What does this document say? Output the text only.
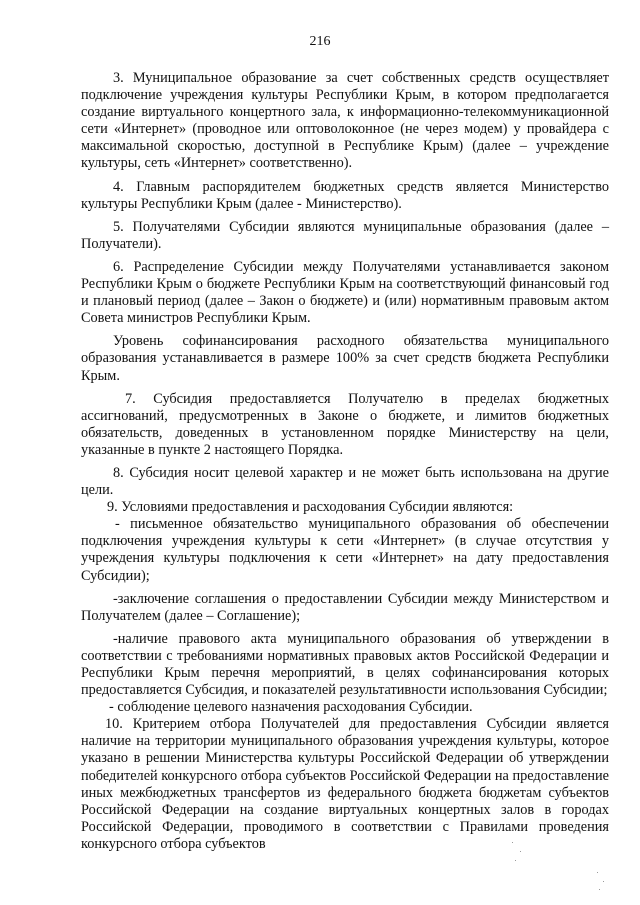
216

3. Муниципальное образование за счет собственных средств осуществляет подключение учреждения культуры Республики Крым, в котором предполагается создание виртуального концертного зала, к информационно-телекоммуникационной сети «Интернет» (проводное или оптоволоконное (не через модем) у провайдера с максимальной скоростью, доступной в Республике Крым) (далее – учреждение культуры, сеть «Интернет» соответственно).

4. Главным распорядителем бюджетных средств является Министерство культуры Республики Крым (далее - Министерство).

5. Получателями Субсидии являются муниципальные образования (далее – Получатели).

6. Распределение Субсидии между Получателями устанавливается законом Республики Крым о бюджете Республики Крым на соответствующий финансовый год и плановый период (далее – Закон о бюджете) и (или) нормативным правовым актом Совета министров Республики Крым.

Уровень софинансирования расходного обязательства муниципального образования устанавливается в размере 100% за счет средств бюджета Республики Крым.

7. Субсидия предоставляется Получателю в пределах бюджетных ассигнований, предусмотренных в Законе о бюджете, и лимитов бюджетных обязательств, доведенных в установленном порядке Министерству на цели, указанные в пункте 2 настоящего Порядка.

8. Субсидия носит целевой характер и не может быть использована на другие цели.

9. Условиями предоставления и расходования Субсидии являются:

- письменное обязательство муниципального образования об обеспечении подключения учреждения культуры к сети «Интернет» (в случае отсутствия у учреждения культуры подключения к сети «Интернет» на дату предоставления Субсидии);

-заключение соглашения о предоставлении Субсидии между Министерством и Получателем (далее – Соглашение);

-наличие правового акта муниципального образования об утверждении в соответствии с требованиями нормативных правовых актов Российской Федерации и Республики Крым перечня мероприятий, в целях софинансирования которых предоставляется Субсидия, и показателей результативности использования Субсидии;

- соблюдение целевого назначения расходования Субсидии.

10. Критерием отбора Получателей для предоставления Субсидии является наличие на территории муниципального образования учреждения культуры, которое указано в решении Министерства культуры Российской Федерации об утверждении победителей конкурсного отбора субъектов Российской Федерации на предоставление иных межбюджетных трансфертов из федерального бюджета бюджетам субъектов Российской Федерации на создание виртуальных концертных залов в городах Российской Федерации, проводимого в соответствии с Правилами проведения конкурсного отбора субъектов
